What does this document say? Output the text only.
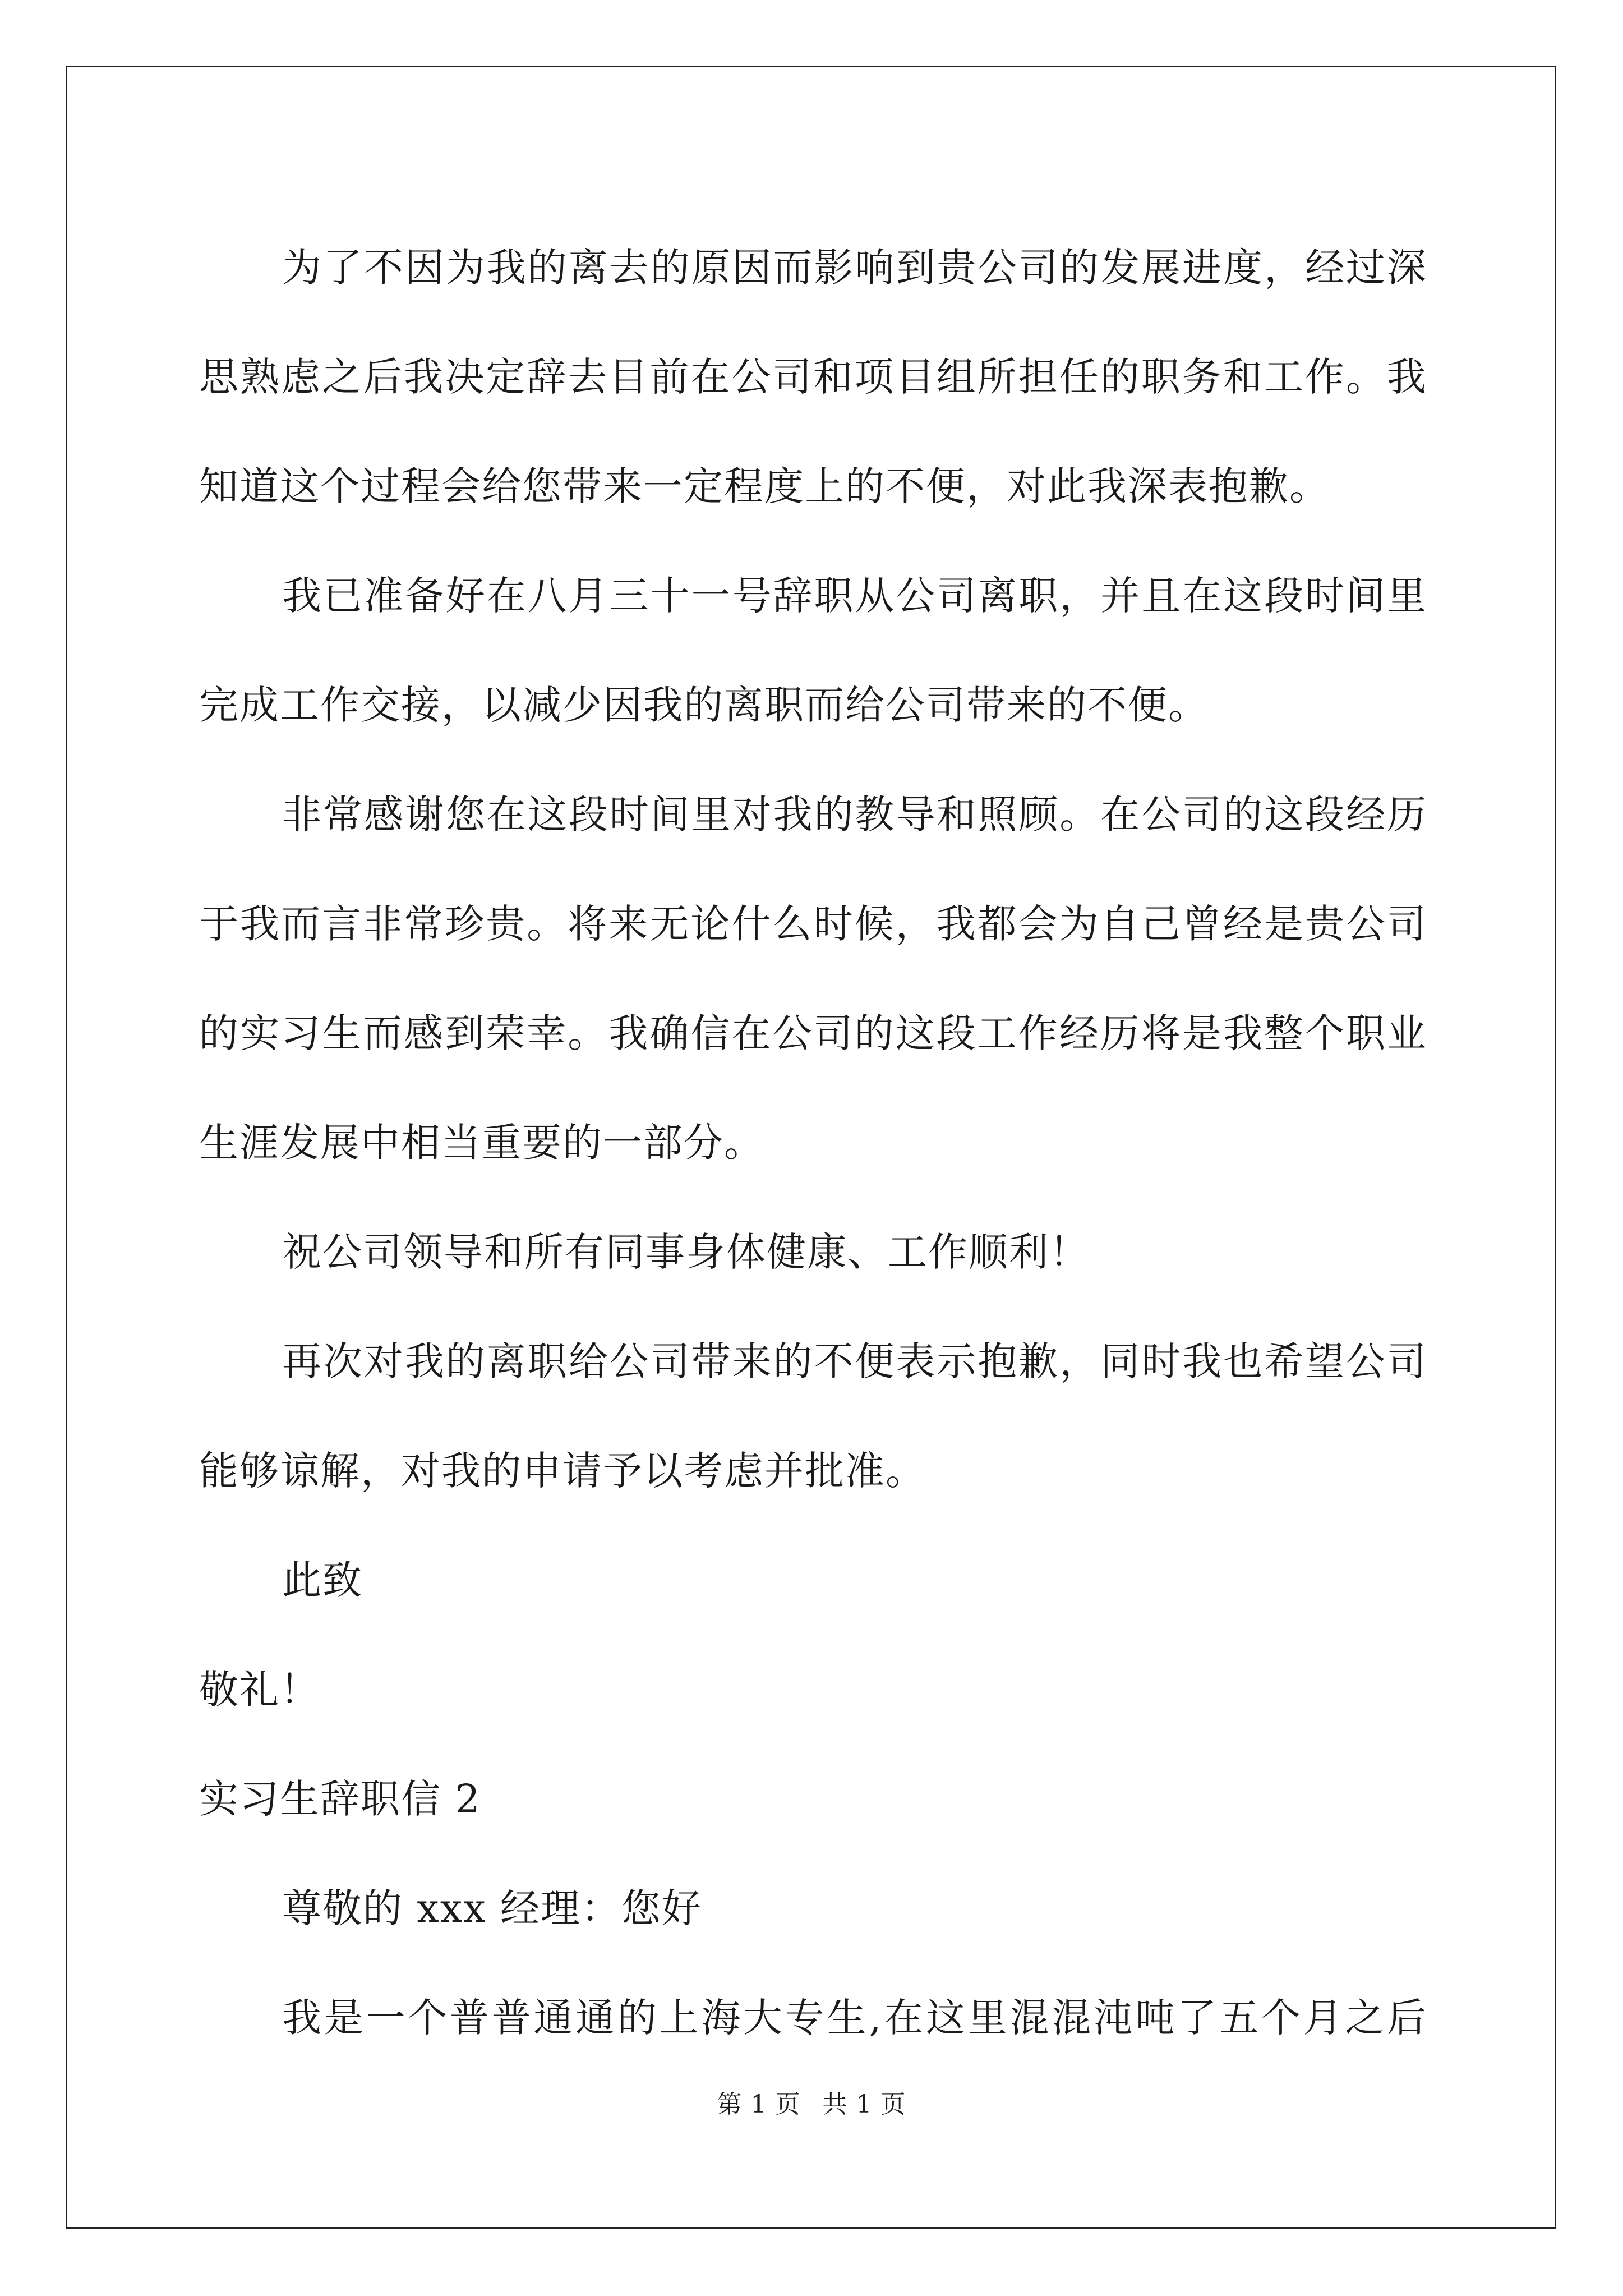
为了不因为我的离去的原因而影响到贵公司的发展进度，经过深

思熟虑之后我决定辞去目前在公司和项目组所担任的职务和工作。我

知道这个过程会给您带来一定程度上的不便，对此我深表抱歉。

我已准备好在八月三十一号辞职从公司离职，并且在这段时间里

完成工作交接，以减少因我的离职而给公司带来的不便。

非常感谢您在这段时间里对我的教导和照顾。在公司的这段经历

于我而言非常珍贵。将来无论什么时候，我都会为自己曾经是贵公司

的实习生而感到荣幸。我确信在公司的这段工作经历将是我整个职业

生涯发展中相当重要的一部分。

祝公司领导和所有同事身体健康、工作顺利！

再次对我的离职给公司带来的不便表示抱歉，同时我也希望公司

能够谅解，对我的申请予以考虑并批准。

此致

敬礼！

实习生辞职信 2

尊敬的 xxx 经理：您好

我是一个普普通通的上海大专生,在这里混混沌吨了五个月之后

第 1 页 共 1 页
